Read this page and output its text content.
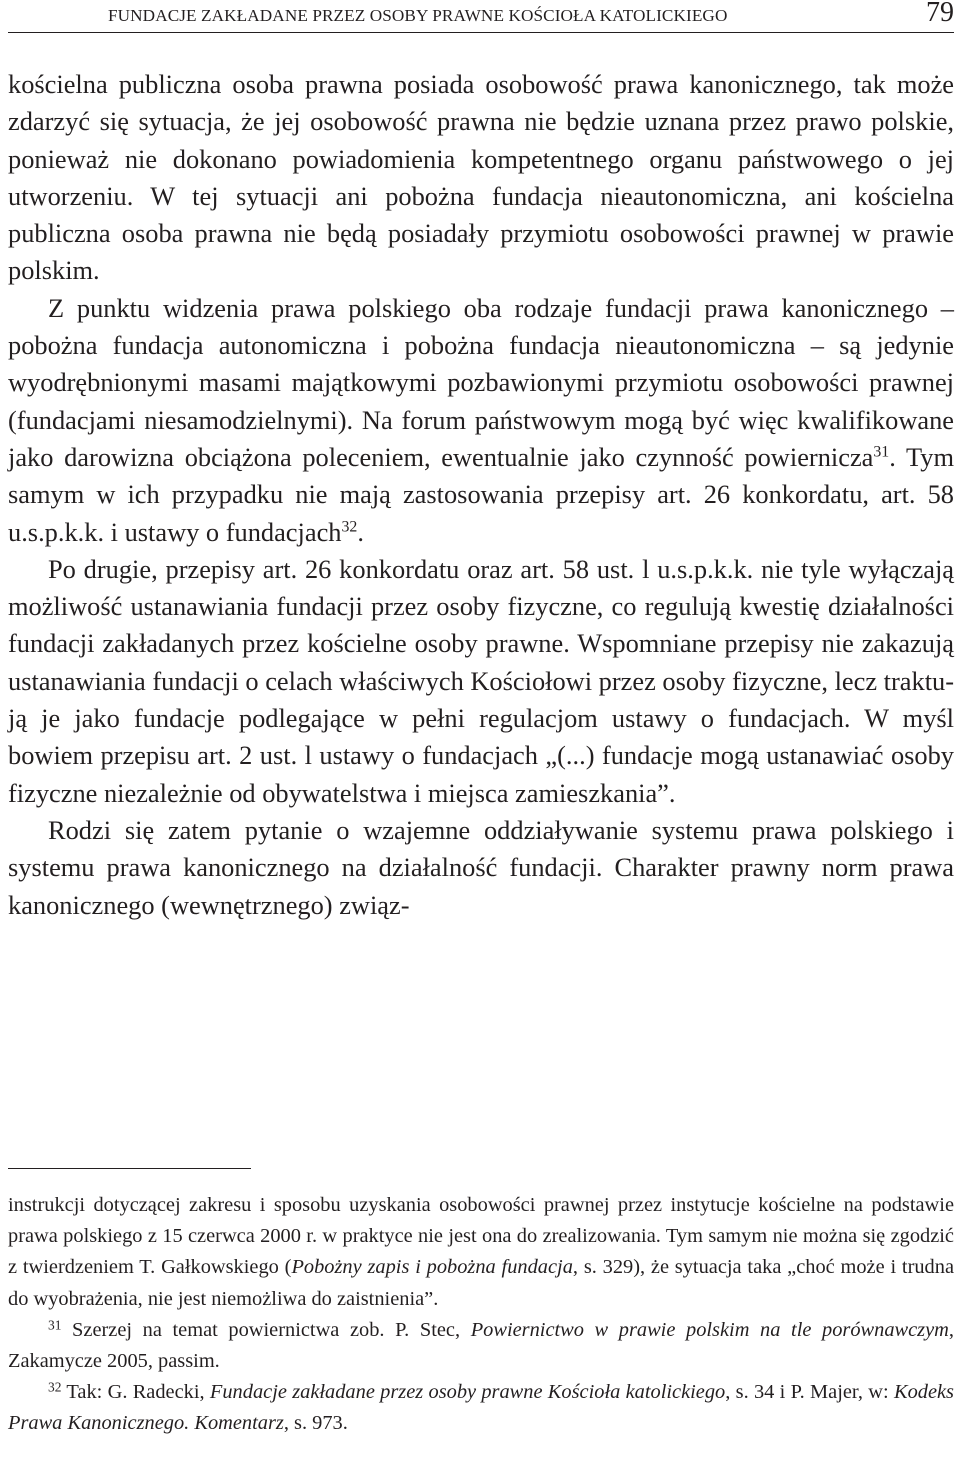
FUNDACJE ZAKŁADANE PRZEZ OSOBY PRAWNE KOŚCIOŁA KATOLICKIEGO	79

kościelna publiczna osoba prawna posiada osobowość prawa kanonicznego, tak może zdarzyć się sytuacja, że jej osobowość prawna nie będzie uznana przez prawo polskie, ponieważ nie dokonano powiadomienia kompetentnego organu państwowego o jej utworzeniu. W tej sytuacji ani pobożna fundacja nieautonomiczna, ani kościelna publiczna osoba prawna nie będą posiadały przymiotu osobowości prawnej w prawie polskim.

Z punktu widzenia prawa polskiego oba rodzaje fundacji prawa kanonicznego – pobożna fundacja autonomiczna i pobożna fundacja nieautonomiczna – są jedynie wyodrębnionymi masami majątkowymi pozbawionymi przymiotu osobowości prawnej (fundacjami niesamodzielnymi). Na forum państwowym mogą być więc kwalifikowane jako darowizna obciążona poleceniem, ewentualnie jako czynność powiernicza$^{31}$. Tym samym w ich przypadku nie mają zastosowania przepisy art. 26 konkordatu, art. 58 u.s.p.k.k. i ustawy o fundacjach$^{32}$.

Po drugie, przepisy art. 26 konkordatu oraz art. 58 ust. l u.s.p.k.k. nie tyle wyłączają możliwość ustanawiania fundacji przez osoby fizyczne, co regulują kwestię działalności fundacji zakładanych przez kościelne osoby prawne. Wspomniane przepisy nie zakazują ustanawiania fundacji o celach właściwych Kościołowi przez osoby fizyczne, lecz traktują je jako fundacje podlegające w pełni regulacjom ustawy o fundacjach. W myśl bowiem przepisu art. 2 ust. l ustawy o fundacjach „(...) fundacje mogą ustanawiać osoby fizyczne niezależnie od obywatelstwa i miejsca zamieszkania”.

Rodzi się zatem pytanie o wzajemne oddziaływanie systemu prawa polskiego i systemu prawa kanonicznego na działalność fundacji. Charakter prawny norm prawa kanonicznego (wewnętrznego) związ-

instrukcji dotyczącej zakresu i sposobu uzyskania osobowości prawnej przez instytucje kościelne na podstawie prawa polskiego z 15 czerwca 2000 r. w praktyce nie jest ona do zrealizowania. Tym samym nie można się zgodzić z twierdzeniem T. Gałkowskiego (Pobożny zapis i pobożna fundacja, s. 329), że sytuacja taka „choć może i trudna do wyobrażenia, nie jest niemożliwa do zaistnienia”.

$^{31}$ Szerzej na temat powiernictwa zob. P. Stec, Powiernictwo w prawie polskim na tle porównawczym, Zakamycze 2005, passim.

$^{32}$ Tak: G. Radecki, Fundacje zakładane przez osoby prawne Kościoła katolickiego, s. 34 i P. Majer, w: Kodeks Prawa Kanonicznego. Komentarz, s. 973.
